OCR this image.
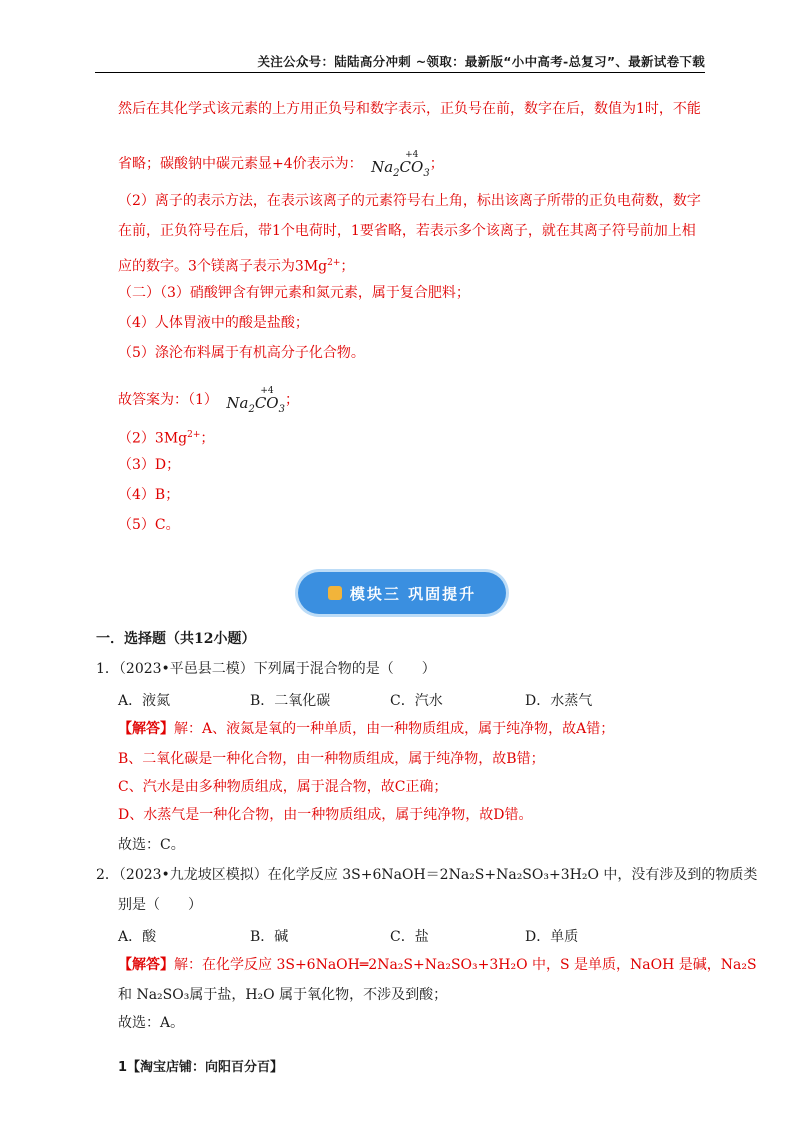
关注公众号：陆陆高分冲刺 ~领取：最新版“小中高考-总复习”、最新试卷下载
然后在其化学式该元素的上方用正负号和数字表示，正负号在前，数字在后，数值为1时，不能
省略；碳酸钠中碳元素显+4价表示为：
+4
$Na_2CO_3$；
（2）离子的表示方法，在表示该离子的元素符号右上角，标出该离子所带的正负电荷数，数字
在前，正负符号在后，带1个电荷时，1要省略，若表示多个该离子，就在其离子符号前加上相
应的数字。3个镁离子表示为$3Mg^{2+}$；
（二）（3）硝酸钾含有钾元素和氮元素，属于复合肥料；
（4）人体胃液中的酸是盐酸；
（5）涤沦布料属于有机高分子化合物。
故答案为：（1）
+4
$Na_2CO_3$；
$(2)3Mg^{2+}$；
（3）D；
（4）B；
（5）C。
模块三 巩固提升
一．选择题（共12小题）
1．（2023•平邑县二模）下列属于混合物的是（　　）
A．液氮	B．二氧化碳	C．汽水	D．水蒸气
【解答】解：A、液氮是氧的一种单质，由一种物质组成，属于纯净物，故A错；
B、二氧化碳是一种化合物，由一种物质组成，属于纯净物，故B错；
C、汽水是由多种物质组成，属于混合物，故C正确；
D、水蒸气是一种化合物，由一种物质组成，属于纯净物，故D错。
故选：C。
2．（2023•九龙坡区模拟）在化学反应 3S+6NaOH＝2Na₂S+Na₂SO₃+3H₂O 中，没有涉及到的物质类
别是（　　）
A．酸	B．碱	C．盐	D．单质
【解答】解：在化学反应 3S+6NaOH═2Na₂S+Na₂SO₃+3H₂O 中，S 是单质，NaOH 是碱，Na₂S
和 Na₂SO₃属于盐，H₂O 属于氧化物，不涉及到酸；
故选：A。
1【淘宝店铺：向阳百分百】
